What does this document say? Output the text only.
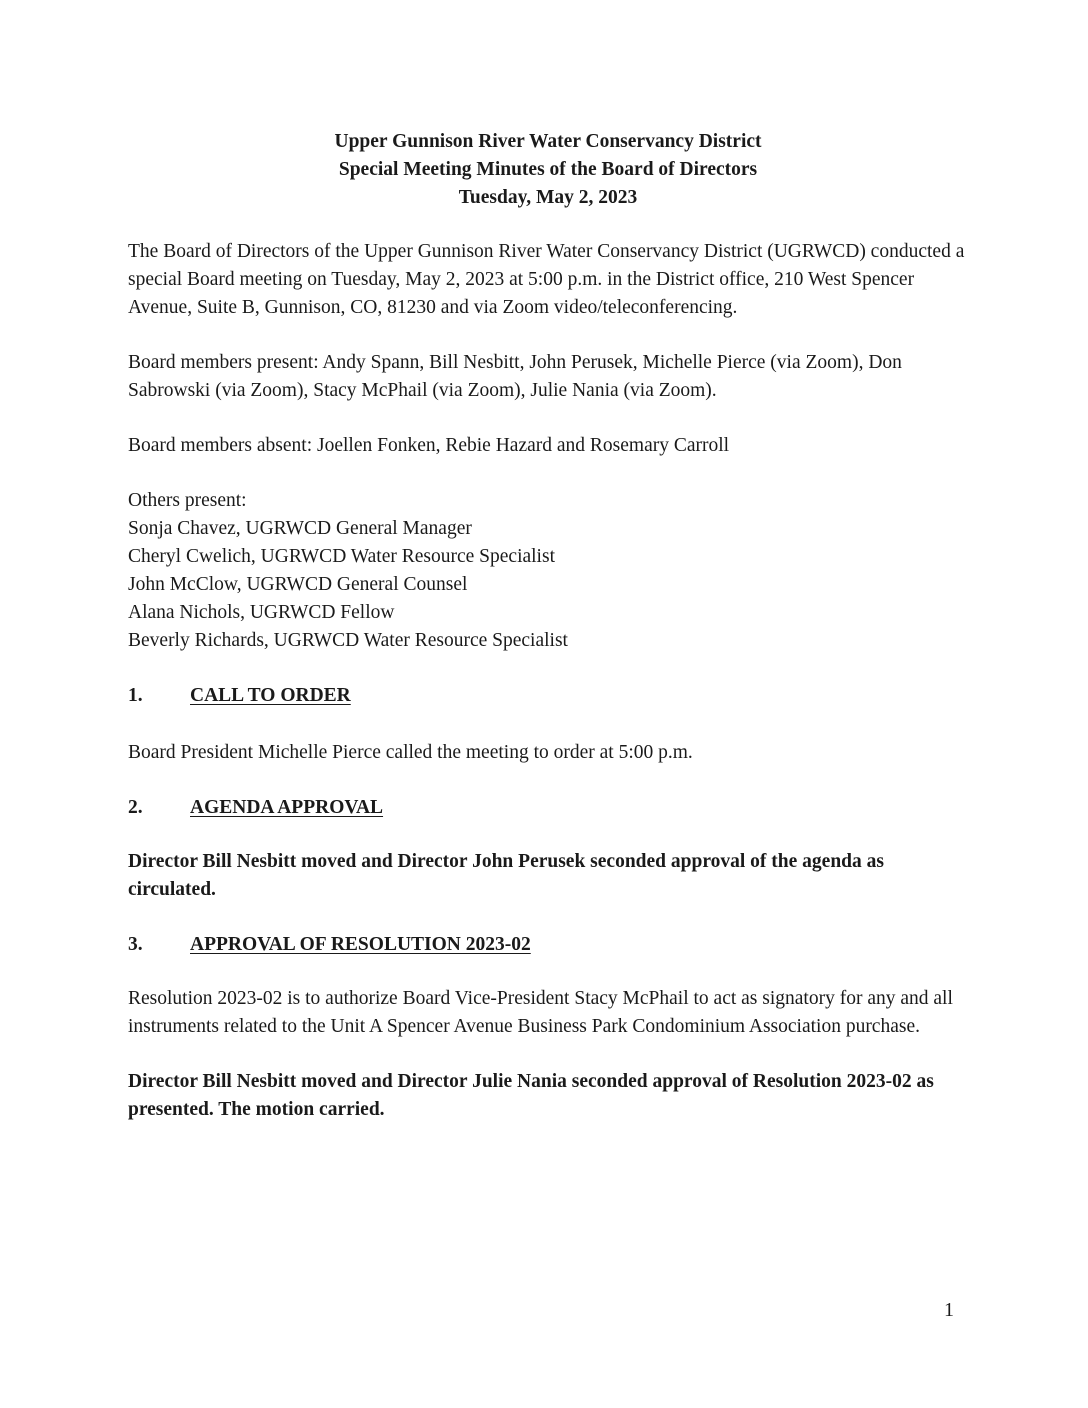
Upper Gunnison River Water Conservancy District
Special Meeting Minutes of the Board of Directors
Tuesday, May 2, 2023

The Board of Directors of the Upper Gunnison River Water Conservancy District (UGRWCD) conducted a special Board meeting on Tuesday, May 2, 2023 at 5:00 p.m. in the District office, 210 West Spencer Avenue, Suite B, Gunnison, CO, 81230 and via Zoom video/teleconferencing.

Board members present: Andy Spann, Bill Nesbitt, John Perusek, Michelle Pierce (via Zoom), Don Sabrowski (via Zoom), Stacy McPhail (via Zoom), Julie Nania (via Zoom).

Board members absent: Joellen Fonken, Rebie Hazard and Rosemary Carroll

Others present:
Sonja Chavez, UGRWCD General Manager
Cheryl Cwelich, UGRWCD Water Resource Specialist
John McClow, UGRWCD General Counsel
Alana Nichols, UGRWCD Fellow
Beverly Richards, UGRWCD Water Resource Specialist
1. CALL TO ORDER

Board President Michelle Pierce called the meeting to order at 5:00 p.m.

2. AGENDA APPROVAL

Director Bill Nesbitt moved and Director John Perusek seconded approval of the agenda as circulated.

3. APPROVAL OF RESOLUTION 2023-02

Resolution 2023-02 is to authorize Board Vice-President Stacy McPhail to act as signatory for any and all instruments related to the Unit A Spencer Avenue Business Park Condominium Association purchase.

Director Bill Nesbitt moved and Director Julie Nania seconded approval of Resolution 2023-02 as presented. The motion carried.

1
